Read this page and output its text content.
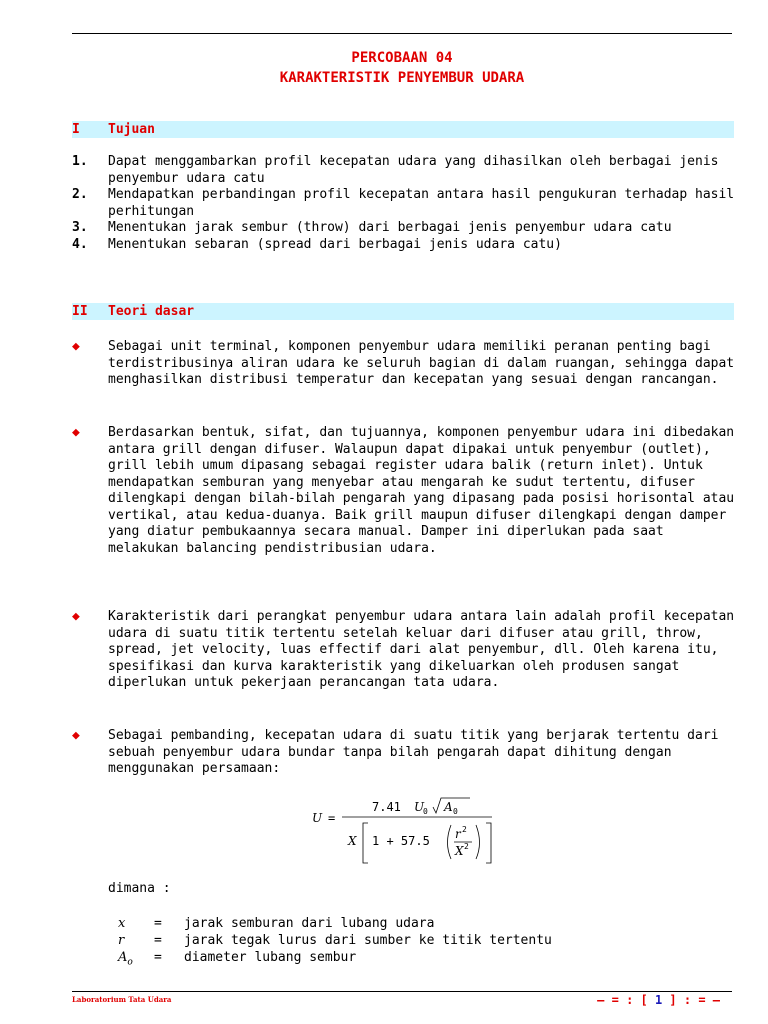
PERCOBAAN 04
KARAKTERISTIK PENYEMBUR UDARA
I Tujuan
1. Dapat menggambarkan profil kecepatan udara yang dihasilkan oleh berbagai jenis penyembur udara catu
2. Mendapatkan perbandingan profil kecepatan antara hasil pengukuran terhadap hasil perhitungan
3. Menentukan jarak sembur (throw) dari berbagai jenis penyembur udara catu
4. Menentukan sebaran (spread dari berbagai jenis udara catu)
II Teori dasar
◆ Sebagai unit terminal, komponen penyembur udara memiliki peranan penting bagi terdistribusinya aliran udara ke seluruh bagian di dalam ruangan, sehingga dapat menghasilkan distribusi temperatur dan kecepatan yang sesuai dengan rancangan.
◆ Berdasarkan bentuk, sifat, dan tujuannya, komponen penyembur udara ini dibedakan antara grill dengan difuser. Walaupun dapat dipakai untuk penyembur (outlet), grill lebih umum dipasang sebagai register udara balik (return inlet). Untuk mendapatkan semburan yang menyebar atau mengarah ke sudut tertentu, difuser dilengkapi dengan bilah-bilah pengarah yang dipasang pada posisi horisontal atau vertikal, atau kedua-duanya. Baik grill maupun difuser dilengkapi dengan damper yang diatur pembukaannya secara manual. Damper ini diperlukan pada saat melakukan balancing pendistribusian udara.
◆ Karakteristik dari perangkat penyembur udara antara lain adalah profil kecepatan udara di suatu titik tertentu setelah keluar dari difuser atau grill, throw, spread, jet velocity, luas effectif dari alat penyembur, dll. Oleh karena itu, spesifikasi dan kurva karakteristik yang dikeluarkan oleh produsen sangat diperlukan untuk pekerjaan perancangan tata udara.
◆ Sebagai pembanding, kecepatan udara di suatu titik yang berjarak tertentu dari sebuah penyembur udara bundar tanpa bilah pengarah dapat dihitung dengan menggunakan persamaan:
U =
7.41 U
0 A 0
X 1 + 57.5 r 2
X 2
dimana :
x = jarak semburan dari lubang udara
r = jarak tegak lurus dari sumber ke titik tertentu
$A_o$ = diameter lubang sembur
Laboratorium Tata Udara	– = : [ 1 ] : = –
